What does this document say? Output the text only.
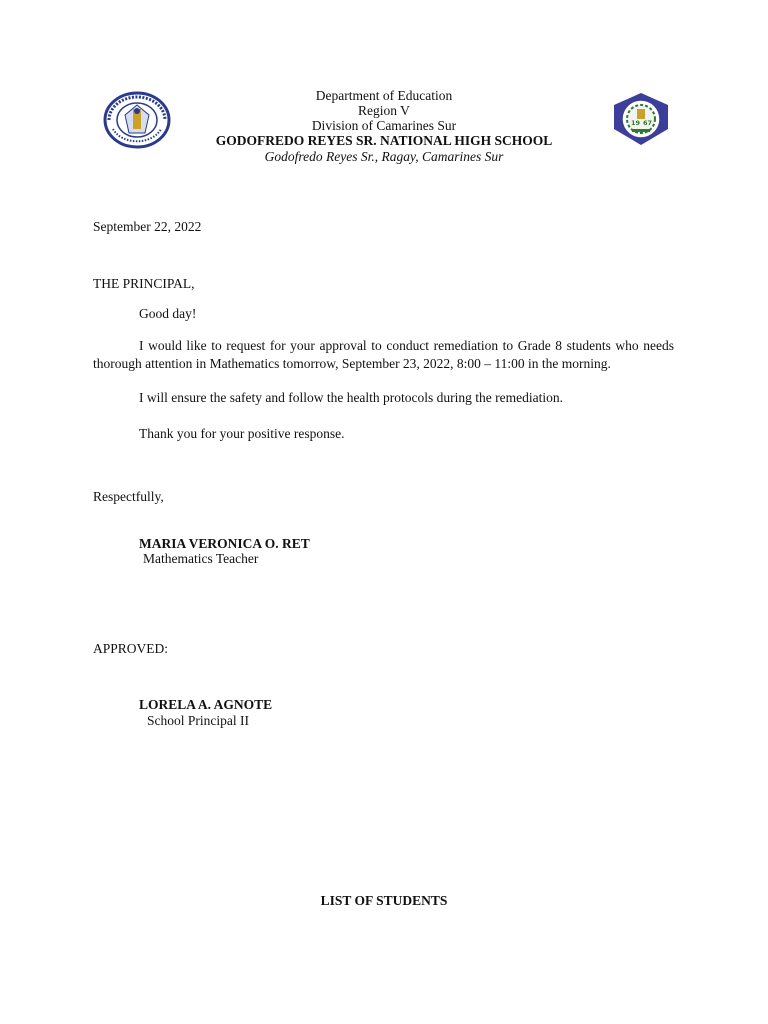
19 67

Department of Education

Region V

Division of Camarines Sur

GODOFREDO REYES SR. NATIONAL HIGH SCHOOL

Godofredo Reyes Sr., Ragay, Camarines Sur

September 22, 2022

THE PRINCIPAL,

Good day!

I would like to request for your approval to conduct remediation to Grade 8 students who needs thorough attention in Mathematics tomorrow, September 23, 2022, 8:00 – 11:00 in the morning.

I will ensure the safety and follow the health protocols during the remediation.

Thank you for your positive response.

Respectfully,

MARIA VERONICA O. RET

Mathematics Teacher

APPROVED:

LORELA A. AGNOTE

School Principal II

LIST OF STUDENTS
